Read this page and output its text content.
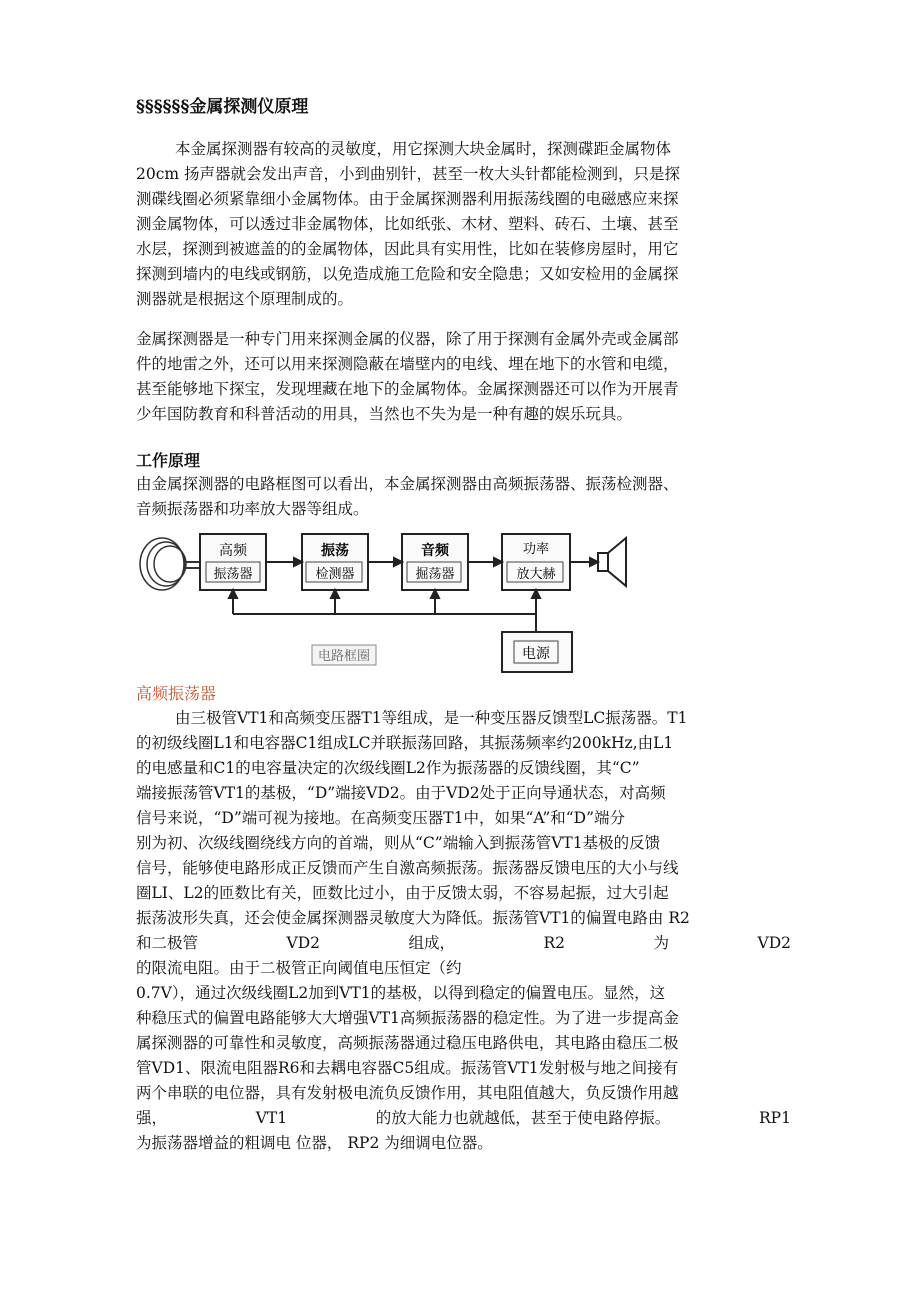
§§§§§§金属探测仪原理
本金属探测器有较高的灵敏度，用它探测大块金属时，探测碟距金属物体
20cm 扬声器就会发出声音，小到曲别针，甚至一枚大头针都能检测到，只是探
测碟线圈必须紧靠细小金属物体。由于金属探测器利用振荡线圈的电磁感应来探
测金属物体，可以透过非金属物体，比如纸张、木材、塑料、砖石、土壤、甚至
水层，探测到被遮盖的的金属物体，因此具有实用性，比如在装修房屋时，用它
探测到墙内的电线或钢筋，以免造成施工危险和安全隐患；又如安检用的金属探
测器就是根据这个原理制成的。
金属探测器是一种专门用来探测金属的仪器，除了用于探测有金属外壳或金属部
件的地雷之外，还可以用来探测隐蔽在墙壁内的电线、埋在地下的水管和电缆，
甚至能够地下探宝，发现埋藏在地下的金属物体。金属探测器还可以作为开展青
少年国防教育和科普活动的用具，当然也不失为是一种有趣的娱乐玩具。
工作原理
由金属探测器的电路框图可以看出，本金属探测器由高频振荡器、振荡检测器、
音频振荡器和功率放大器等组成。
高频
振荡器
振荡
检测器
音频
掘荡器
功率
放大赫
电源
电路框圈
高频振荡器
由三极管VT1和高频变压器T1等组成，是一种变压器反馈型LC振荡器。T1
的初级线圈L1和电容器C1组成LC并联振荡回路，其振荡频率约200kHz,由L1
的电感量和C1的电容量决定的次级线圈L2作为振荡器的反馈线圈，其“C”
端接振荡管VT1的基极，“D”端接VD2。由于VD2处于正向导通状态，对高频
信号来说，“D”端可视为接地。在高频变压器T1中，如果“A”和“D”端分
别为初、次级线圈绕线方向的首端，则从“C”端输入到振荡管VT1基极的反馈
信号，能够使电路形成正反馈而产生自激高频振荡。振荡器反馈电压的大小与线
圈LI、L2的匝数比有关，匝数比过小，由于反馈太弱，不容易起振，过大引起
振荡波形失真，还会使金属探测器灵敏度大为降低。振荡管VT1的偏置电路由 R2
和二极管	VD2	组成，	R2	为	VD2
的限流电阻。由于二极管正向阈值电压恒定（约
0.7V），通过次级线圈L2加到VT1的基极，以得到稳定的偏置电压。显然，这
种稳压式的偏置电路能够大大增强VT1高频振荡器的稳定性。为了进一步提高金
属探测器的可靠性和灵敏度，高频振荡器通过稳压电路供电，其电路由稳压二极
管VD1、限流电阻器R6和去耦电容器C5组成。振荡管VT1发射极与地之间接有
两个串联的电位器，具有发射极电流负反馈作用，其电阻值越大，负反馈作用越
强，	VT1	的放大能力也就越低，甚至于使电路停振。	RP1
为振荡器增益的粗调电 位器， RP2 为细调电位器。
